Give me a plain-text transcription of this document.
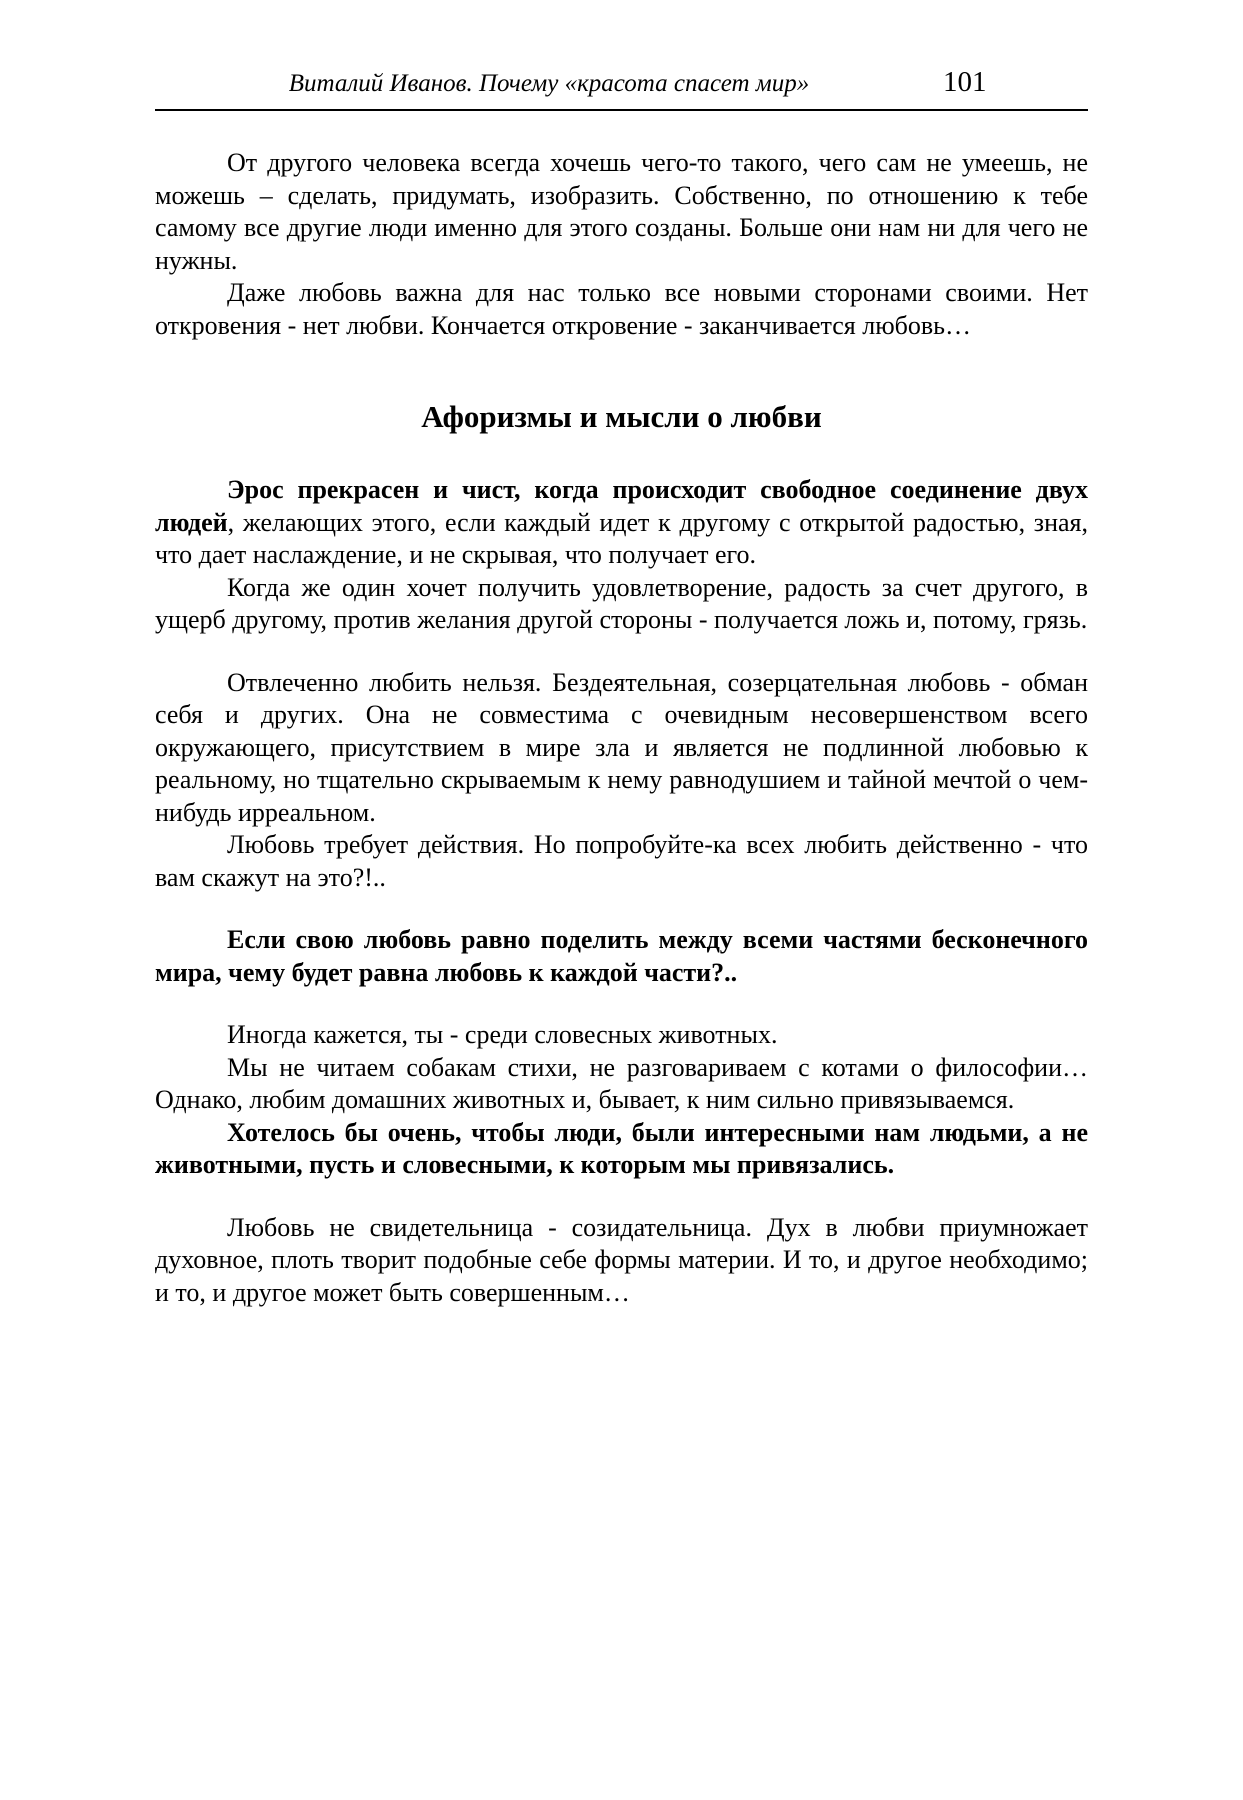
Виталий Иванов. Почему «красота спасет мир»	101

От другого человека всегда хочешь чего-то такого, чего сам не умеешь, не можешь – сделать, придумать, изобразить. Собственно, по отношению к тебе самому все другие люди именно для этого созданы. Больше они нам ни для чего не нужны.

Даже любовь важна для нас только все новыми сторонами своими. Нет откровения - нет любви. Кончается откровение - заканчивается любовь…

Афоризмы и мысли о любви

Эрос прекрасен и чист, когда происходит свободное соединение двух людей, желающих этого, если каждый идет к другому с открытой радостью, зная, что дает наслаждение, и не скрывая, что получает его.

Когда же один хочет получить удовлетворение, радость за счет другого, в ущерб другому, против желания другой стороны - получается ложь и, потому, грязь.

Отвлеченно любить нельзя. Бездеятельная, созерцательная любовь - обман себя и других. Она не совместима с очевидным несовершенством всего окружающего, присутствием в мире зла и является не подлинной любовью к реальному, но тщательно скрываемым к нему равнодушием и тайной мечтой о чем-нибудь ирреальном.

Любовь требует действия. Но попробуйте-ка всех любить действенно - что вам скажут на это?!..

Если свою любовь равно поделить между всеми частями бесконечного мира, чему будет равна любовь к каждой части?..

Иногда кажется, ты - среди словесных животных.

Мы не читаем собакам стихи, не разговариваем с котами о философии… Однако, любим домашних животных и, бывает, к ним сильно привязываемся.

Хотелось бы очень, чтобы люди, были интересными нам людьми, а не животными, пусть и словесными, к которым мы привязались.

Любовь не свидетельница - созидательница. Дух в любви приумножает духовное, плоть творит подобные себе формы материи. И то, и другое необходимо; и то, и другое может быть совершенным…
